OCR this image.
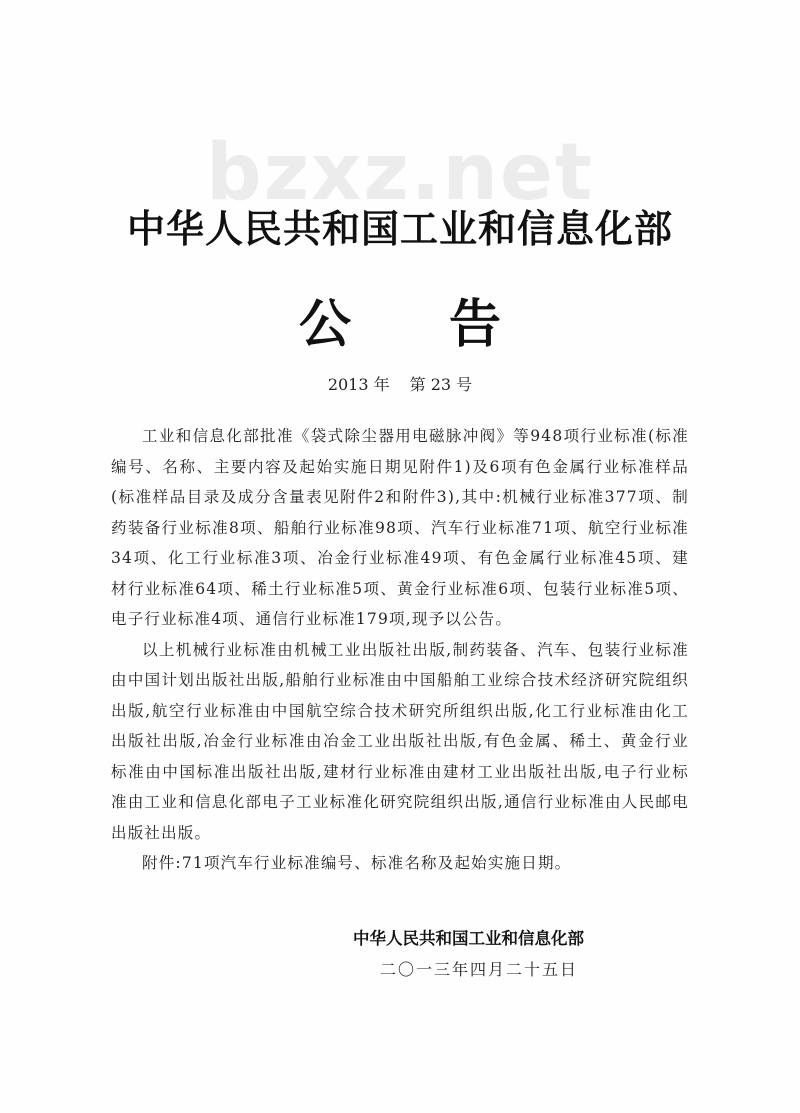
bzxz.net
中华人民共和国工业和信息化部
公 告
2013 年 第 23 号

工业和信息化部批准《袋式除尘器用电磁脉冲阀》等948项行业标准(标准编号、名称、主要内容及起始实施日期见附件1)及6项有色金属行业标准样品(标准样品目录及成分含量表见附件2和附件3),其中:机械行业标准377项、制药装备行业标准8项、船舶行业标准98项、汽车行业标准71项、航空行业标准34项、化工行业标准3项、冶金行业标准49项、有色金属行业标准45项、建材行业标准64项、稀土行业标准5项、黄金行业标准6项、包装行业标准5项、电子行业标准4项、通信行业标准179项,现予以公告。

以上机械行业标准由机械工业出版社出版,制药装备、汽车、包装行业标准由中国计划出版社出版,船舶行业标准由中国船舶工业综合技术经济研究院组织出版,航空行业标准由中国航空综合技术研究所组织出版,化工行业标准由化工出版社出版,冶金行业标准由冶金工业出版社出版,有色金属、稀土、黄金行业标准由中国标准出版社出版,建材行业标准由建材工业出版社出版,电子行业标准由工业和信息化部电子工业标准化研究院组织出版,通信行业标准由人民邮电出版社出版。

附件:71项汽车行业标准编号、标准名称及起始实施日期。

中华人民共和国工业和信息化部
二〇一三年四月二十五日
